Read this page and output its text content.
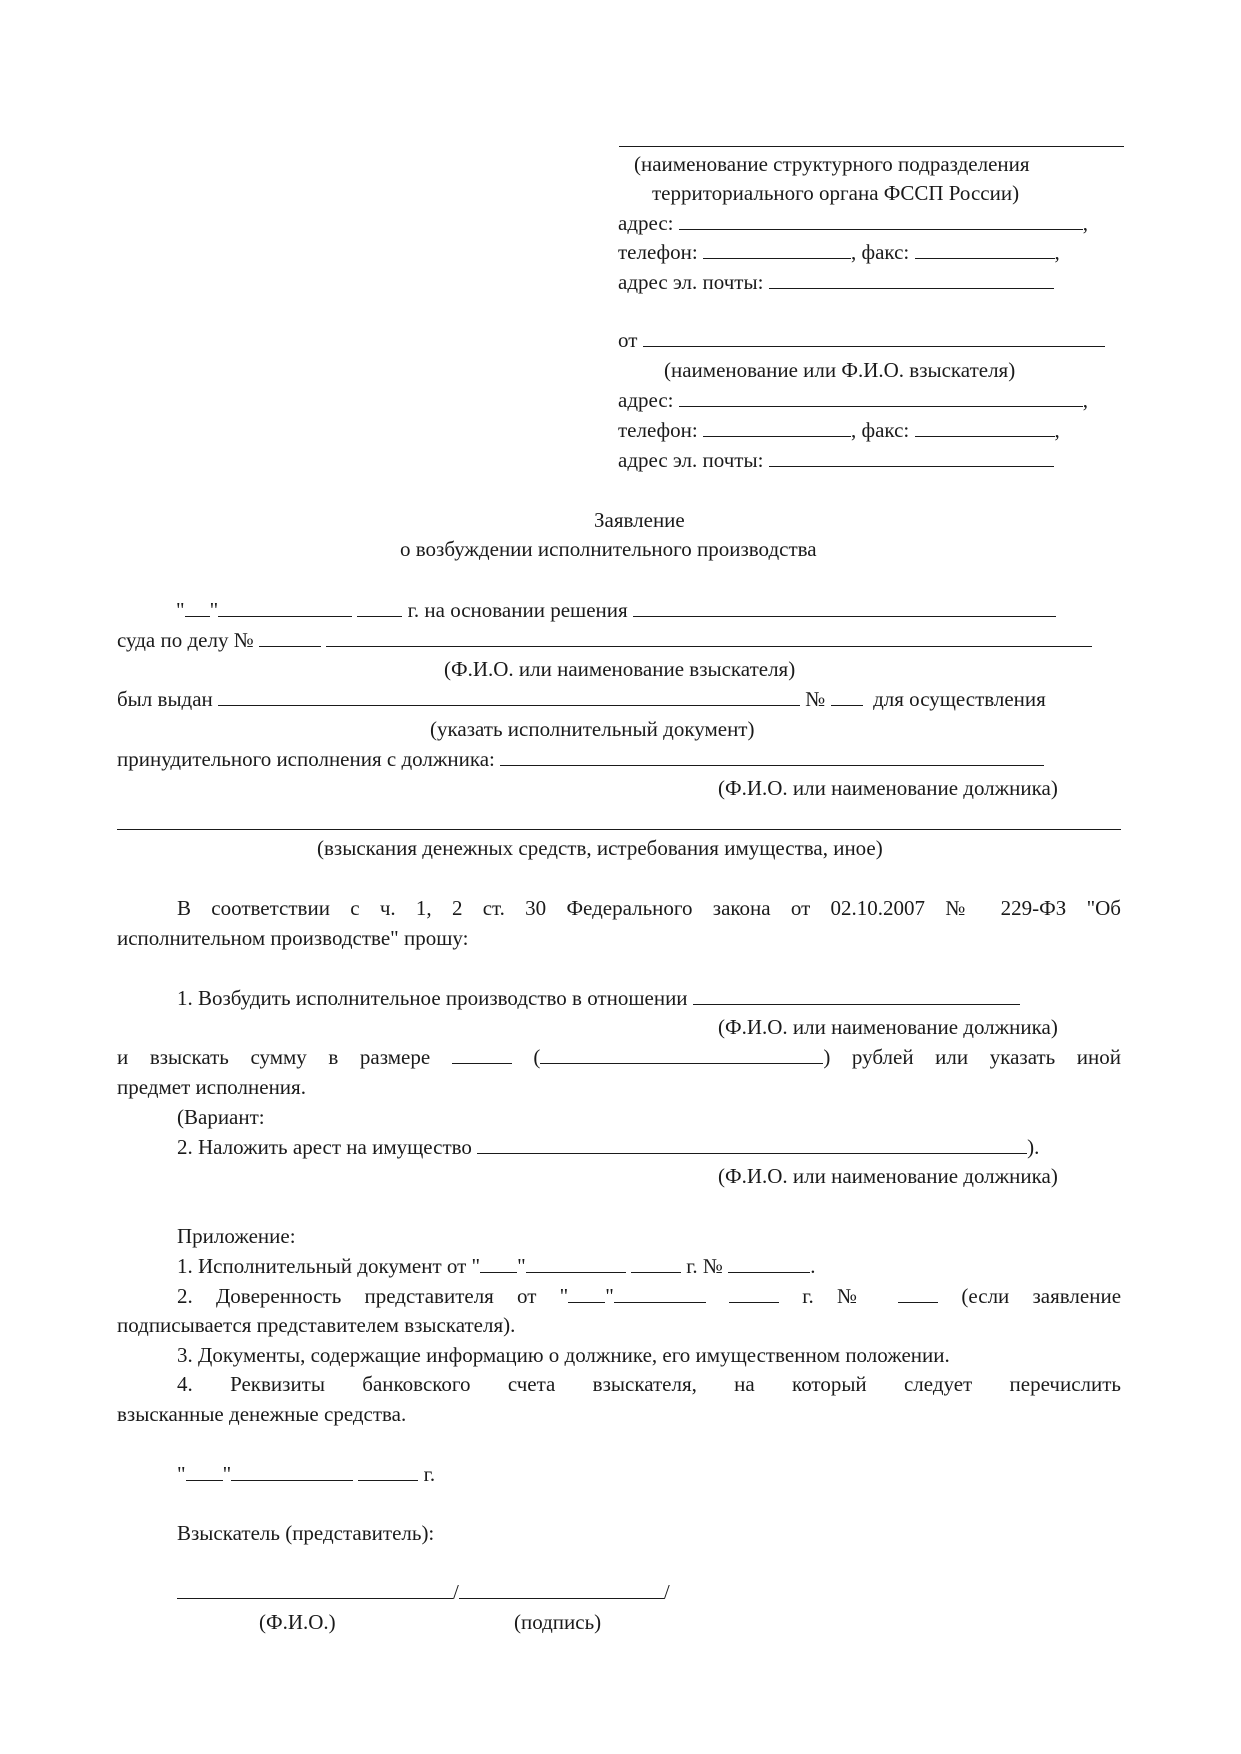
(наименование структурного подразделения
территориального органа ФССП России)
адрес:	,
телефон:	, факс:	,
адрес эл. почты:
от
(наименование или Ф.И.О. взыскателя)
адрес:	,
телефон:	, факс:	,
адрес эл. почты:
Заявление
о возбуждении исполнительного производства
" "	г. на основании решения
суда по делу №
(Ф.И.О. или наименование взыскателя)
был выдан	№ для осуществления
(указать исполнительный документ)
принудительного исполнения с должника:
(Ф.И.О. или наименование должника)
(взыскания денежных средств, истребования имущества, иное)
В соответствии с ч. 1, 2 ст. 30 Федерального закона от 02.10.2007 № 229-ФЗ "Об
исполнительном производстве" прошу:
1. Возбудить исполнительное производство в отношении
(Ф.И.О. или наименование должника)
и взыскать сумму в размере	(	) рублей или указать иной
предмет исполнения.
(Вариант:
2. Наложить арест на имущество	).
(Ф.И.О. или наименование должника)
Приложение:
1. Исполнительный документ от " "	г. №	.
2. Доверенность представителя от " "	г. №	(если заявление
подписывается представителем взыскателя).
3. Документы, содержащие информацию о должнике, его имущественном положении.
4. Реквизиты банковского счета взыскателя, на который следует перечислить
взысканные денежные средства.
" "	г.
Взыскатель (представитель):
/	/
(Ф.И.О.)	(подпись)
